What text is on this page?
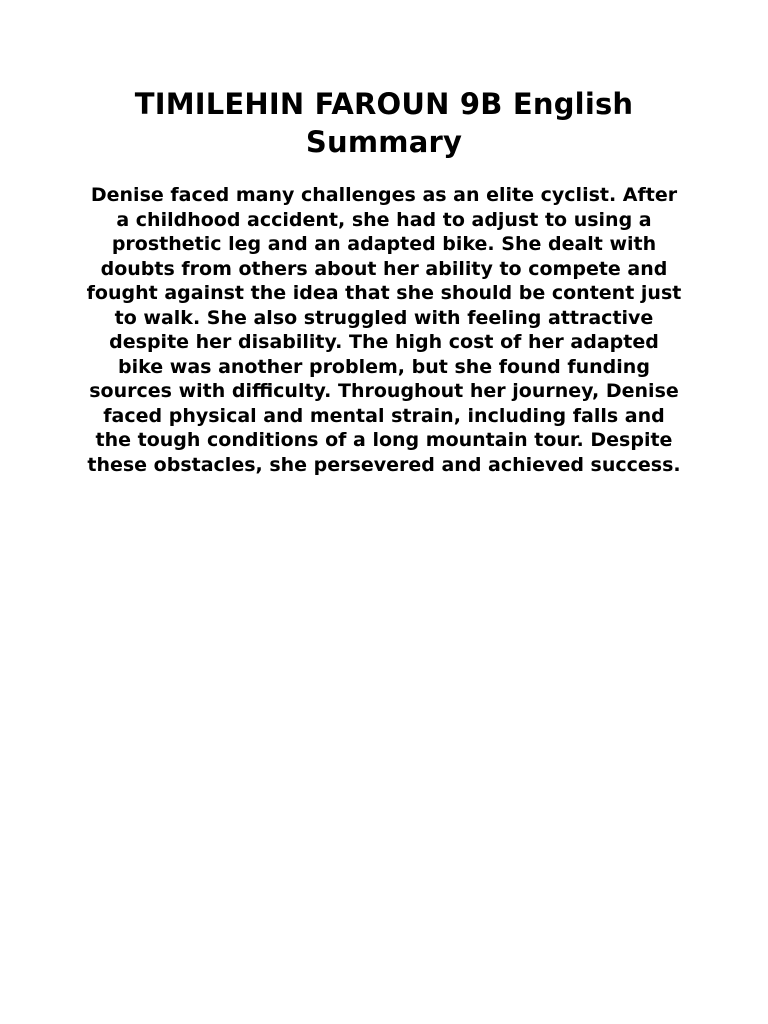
TIMILEHIN FAROUN 9B English Summary

Denise faced many challenges as an elite cyclist. After a childhood accident, she had to adjust to using a prosthetic leg and an adapted bike. She dealt with doubts from others about her ability to compete and fought against the idea that she should be content just to walk. She also struggled with feeling attractive despite her disability. The high cost of her adapted bike was another problem, but she found funding sources with difficulty. Throughout her journey, Denise faced physical and mental strain, including falls and the tough conditions of a long mountain tour. Despite these obstacles, she persevered and achieved success.
